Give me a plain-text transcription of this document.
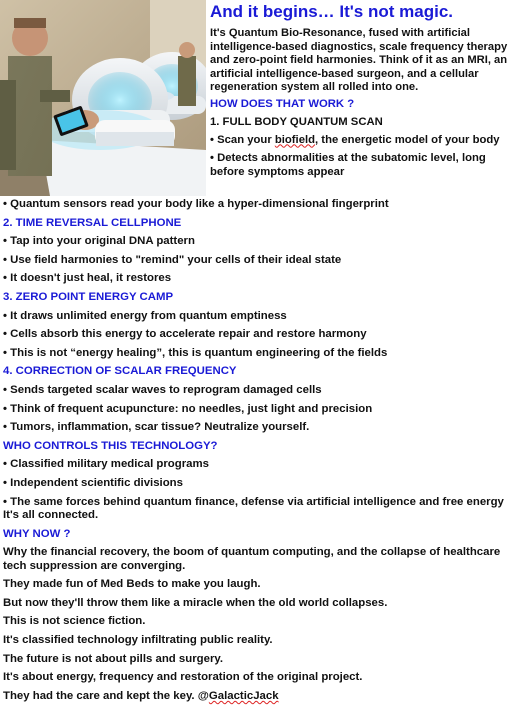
And it begins… It's not magic.

It's Quantum Bio-Resonance, fused with artificial intelligence-based diagnostics, scale frequency therapy and zero-point field harmonies. Think of it as an MRI, an artificial intelligence-based surgeon, and a cellular regeneration system all rolled into one.

HOW DOES THAT WORK ?
1. FULL BODY QUANTUM SCAN
• Scan your biofield, the energetic model of your body
• Detects abnormalities at the subatomic level, long before symptoms appear
• Quantum sensors read your body like a hyper-dimensional fingerprint
2. TIME REVERSAL CELLPHONE
• Tap into your original DNA pattern
• Use field harmonies to "remind" your cells of their ideal state
• It doesn't just heal, it restores
3. ZERO POINT ENERGY CAMP
• It draws unlimited energy from quantum emptiness
• Cells absorb this energy to accelerate repair and restore harmony
• This is not “energy healing”, this is quantum engineering of the fields
4. CORRECTION OF SCALAR FREQUENCY
• Sends targeted scalar waves to reprogram damaged cells
• Think of frequent acupuncture: no needles, just light and precision
• Tumors, inflammation, scar tissue? Neutralize yourself.
WHO CONTROLS THIS TECHNOLOGY?
• Classified military medical programs
• Independent scientific divisions
• The same forces behind quantum finance, defense via artificial intelligence and free energy It's all connected.
WHY NOW ?
Why the financial recovery, the boom of quantum computing, and the collapse of healthcare tech suppression are converging.
They made fun of Med Beds to make you laugh.
But now they'll throw them like a miracle when the old world collapses.
This is not science fiction.
It's classified technology infiltrating public reality.
The future is not about pills and surgery.
It's about energy, frequency and restoration of the original project.
They had the care and kept the key. @GalacticJack
